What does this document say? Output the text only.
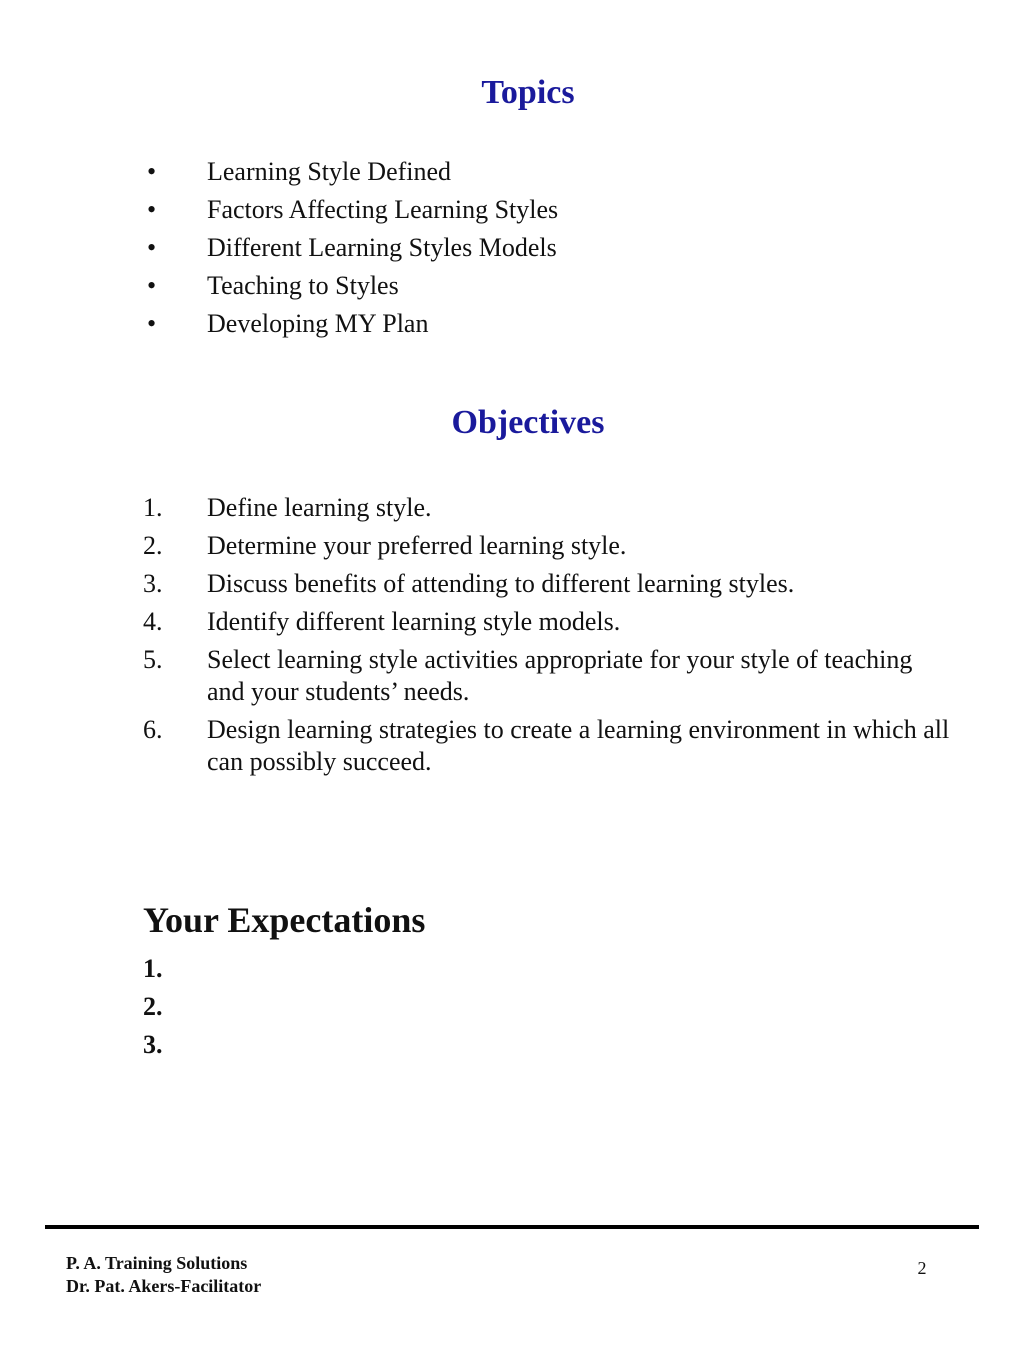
Topics
•	Learning Style Defined
•	Factors Affecting Learning Styles
•	Different Learning Styles Models
•	Teaching to Styles
•	Developing MY Plan
Objectives
1.	Define learning style.
2.	Determine your preferred learning style.
3.	Discuss benefits of attending to different learning styles.
4.	Identify different learning style models.
5.	Select learning style activities appropriate for your style of teaching and your students’ needs.
6.	Design learning strategies to create a learning environment in which all can possibly succeed.
Your Expectations
1.
2.
3.
P. A. Training Solutions
Dr. Pat. Akers-Facilitator
2
